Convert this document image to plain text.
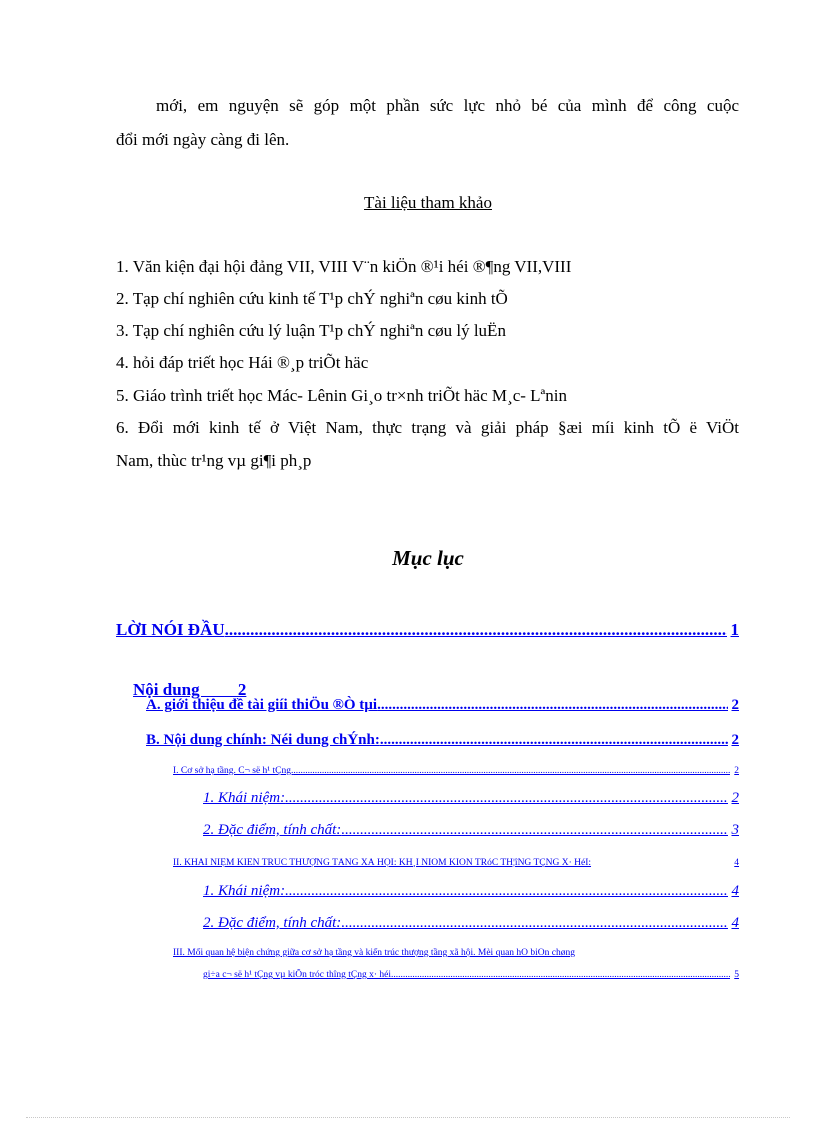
mới, em nguyện sẽ góp một phần sức lực nhỏ bé của mình để công cuộc
đổi mới ngày càng đi lên.
Tài liệu tham khảo
1. Văn kiện đại hội đảng VII, VIII V¨n kiÖn ®¹i héi ®¶ng VII,VIII
2. Tạp chí nghiên cứu kinh tế T¹p chÝ nghiªn cøu kinh tÕ
3. Tạp chí nghiên cứu lý luận T¹p chÝ nghiªn cøu lý luËn
4. hỏi đáp triết học Hái ®¸p triÕt häc
5. Giáo trình triết học Mác- Lênin Gi¸o tr×nh triÕt häc M¸c- Lªnin
6. Đổi mới kinh tế ở Việt Nam, thực trạng và giải pháp §æi míi kinh tÕ ë ViÖt
Nam, thùc tr¹ng vµ gi¶i ph¸p
Mục lục
LỜI NÓI ĐẦU .....	1

Nội dung         2

A. giới thiệu đề tài giíi thiÖu ®Ò tµi .....	2
B. Nội dung chính: Néi dung chÝnh: .....	2
I. Cơ sở hạ tầng. C¬ së h¹ tÇng. .....	2
1. Khái niệm: .....	2
2. Đặc điểm, tính chất: .....	3
II. KHÁI NIỆM KIẾN TRÚC THƯỢNG TẦNG XÃ HỘI: KH¸I NIÖM KIÕN TRóC TH¦îNG TÇNG X· HéI:	4
1. Khái niệm: .....	4
2. Đặc điểm, tính chất: .....	4
III. Mối quan hệ biện chứng giữa cơ sở hạ tầng và kiến trúc thượng tầng xã hội. Mèi quan hÖ biÖn chøng
gi÷a c¬ së h¹ tÇng vµ kiÕn tróc thîng tÇng x· héi. .....	5
